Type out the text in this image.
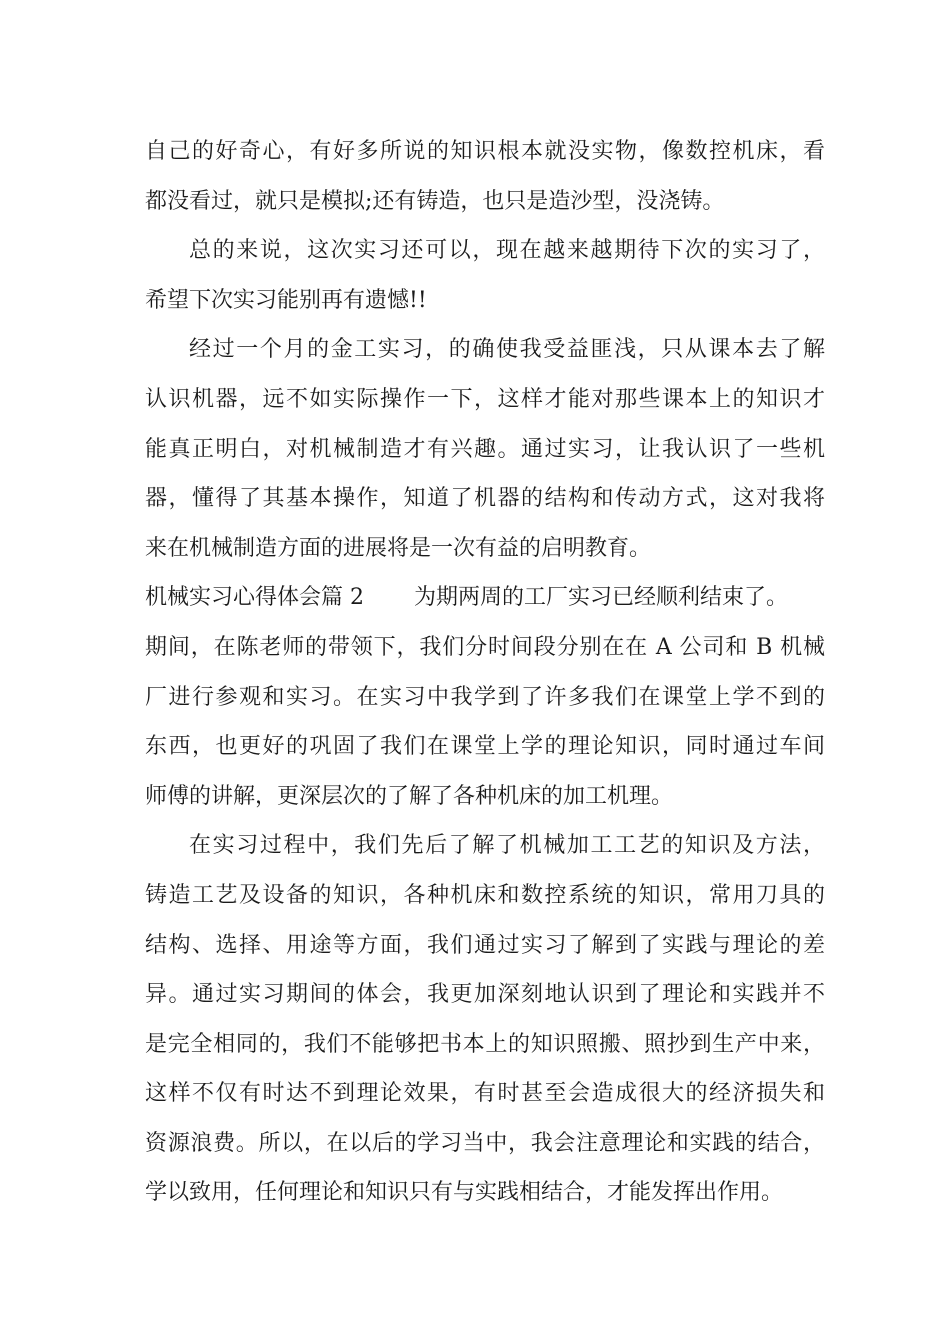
自己的好奇心，有好多所说的知识根本就没实物，像数控机床，看
都没看过，就只是模拟;还有铸造，也只是造沙型，没浇铸。
总的来说，这次实习还可以，现在越来越期待下次的实习了，
希望下次实习能别再有遗憾!!
经过一个月的金工实习，的确使我受益匪浅，只从课本去了解
认识机器，远不如实际操作一下，这样才能对那些课本上的知识才
能真正明白，对机械制造才有兴趣。通过实习，让我认识了一些机
器，懂得了其基本操作，知道了机器的结构和传动方式，这对我将
来在机械制造方面的进展将是一次有益的启明教育。
机械实习心得体会篇 2 为期两周的工厂实习已经顺利结束了。
期间，在陈老师的带领下，我们分时间段分别在在 A 公司和 B 机械
厂进行参观和实习。在实习中我学到了许多我们在课堂上学不到的
东西，也更好的巩固了我们在课堂上学的理论知识，同时通过车间
师傅的讲解，更深层次的了解了各种机床的加工机理。
在实习过程中，我们先后了解了机械加工工艺的知识及方法，
铸造工艺及设备的知识，各种机床和数控系统的知识，常用刀具的
结构、选择、用途等方面，我们通过实习了解到了实践与理论的差
异。通过实习期间的体会，我更加深刻地认识到了理论和实践并不
是完全相同的，我们不能够把书本上的知识照搬、照抄到生产中来，
这样不仅有时达不到理论效果，有时甚至会造成很大的经济损失和
资源浪费。所以，在以后的学习当中，我会注意理论和实践的结合，
学以致用，任何理论和知识只有与实践相结合，才能发挥出作用。
